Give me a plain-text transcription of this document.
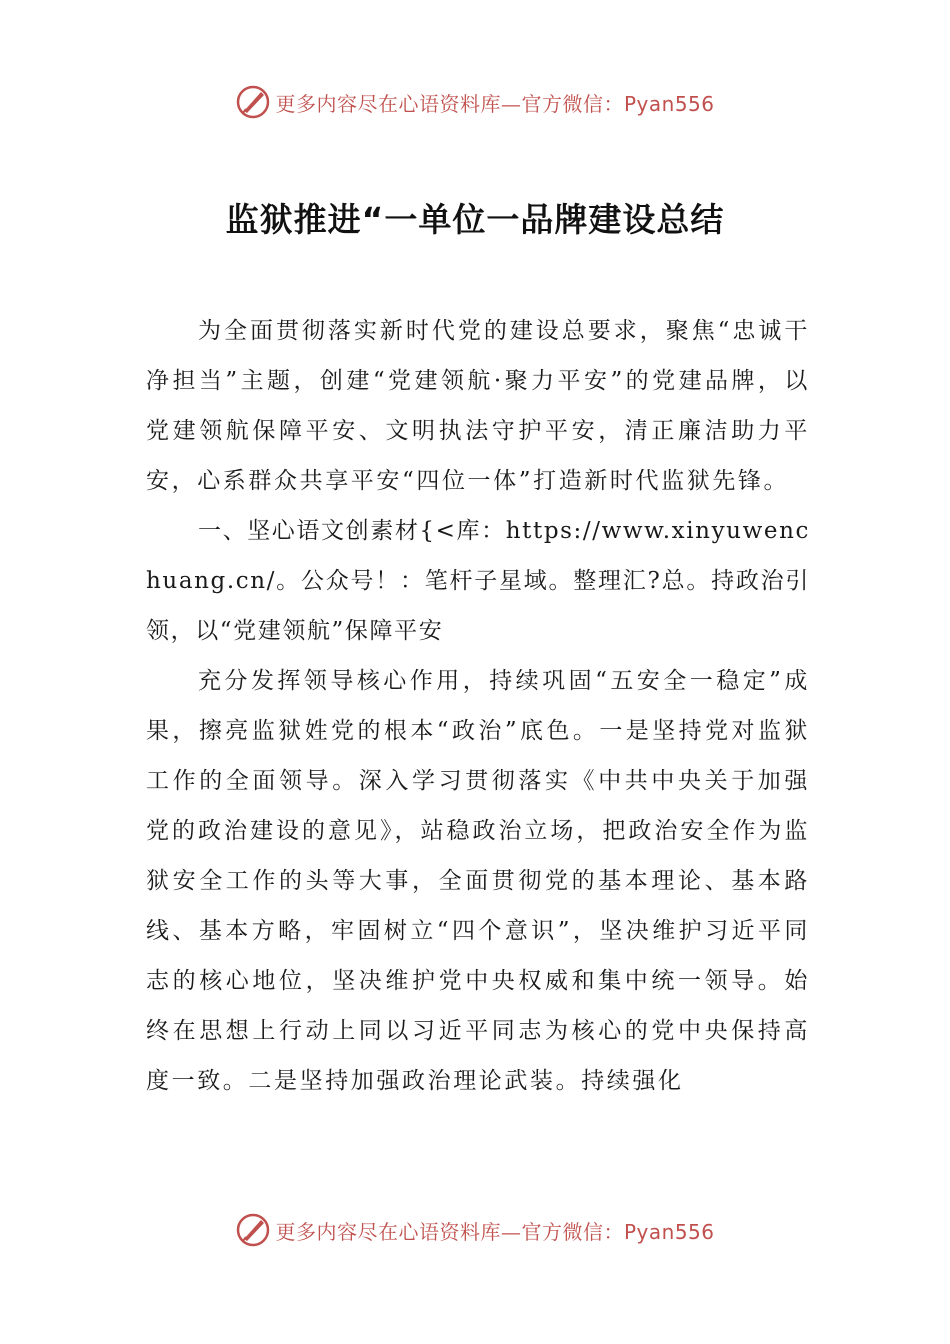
更多内容尽在心语资料库—官方微信：Pyan556
监狱推进“一单位一品牌建设总结

为全面贯彻落实新时代党的建设总要求，聚焦“忠诚干净担当”主题，创建“党建领航·聚力平安”的党建品牌，以党建领航保障平安、文明执法守护平安，清正廉洁助力平安，心系群众共享平安“四位一体”打造新时代监狱先锋。

一、坚心语文创素材{<库：https://www.xinyuwenchuang.cn/。公众号！：笔杆子星域。整理汇?总。持政治引领，以“党建领航”保障平安

充分发挥领导核心作用，持续巩固“五安全一稳定”成果，擦亮监狱姓党的根本“政治”底色。一是坚持党对监狱工作的全面领导。深入学习贯彻落实《中共中央关于加强党的政治建设的意见》，站稳政治立场，把政治安全作为监狱安全工作的头等大事，全面贯彻党的基本理论、基本路线、基本方略，牢固树立“四个意识”，坚决维护习近平同志的核心地位，坚决维护党中央权威和集中统一领导。始终在思想上行动上同以习近平同志为核心的党中央保持高度一致。二是坚持加强政治理论武装。持续强化

更多内容尽在心语资料库—官方微信：Pyan556
